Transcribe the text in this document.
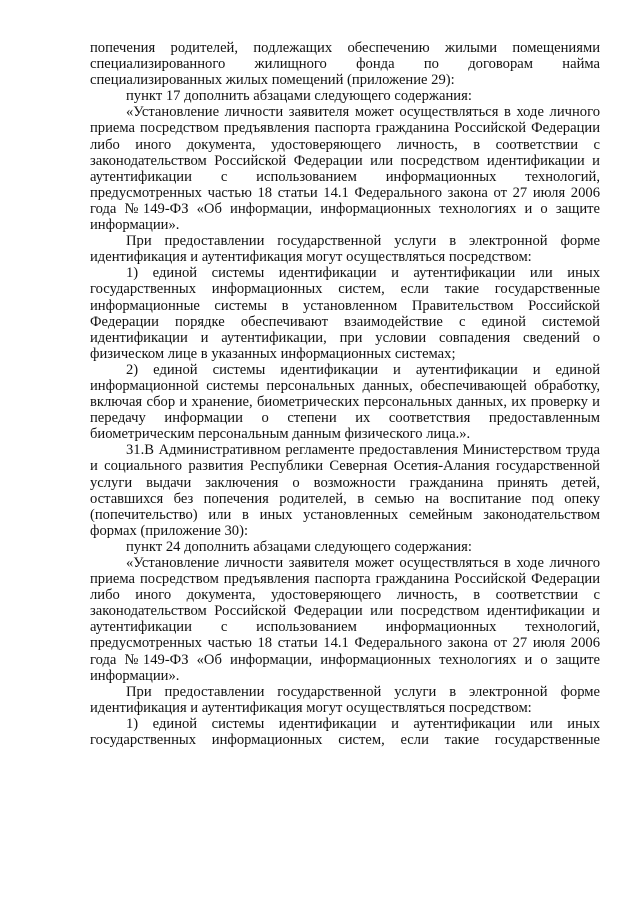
попечения родителей, подлежащих обеспечению жилыми помещениями специализированного жилищного фонда по договорам найма специализированных жилых помещений (приложение 29):

пункт 17 дополнить абзацами следующего содержания:

«Установление личности заявителя может осуществляться в ходе личного приема посредством предъявления паспорта гражданина Российской Федерации либо иного документа, удостоверяющего личность, в соответствии с законодательством Российской Федерации или посредством идентификации и аутентификации с использованием информационных технологий, предусмотренных частью 18 статьи 14.1 Федерального закона от 27 июля 2006 года №149-ФЗ «Об информации, информационных технологиях и о защите информации».

При предоставлении государственной услуги в электронной форме идентификация и аутентификация могут осуществляться посредством:

1) единой системы идентификации и аутентификации или иных государственных информационных систем, если такие государственные информационные системы в установленном Правительством Российской Федерации порядке обеспечивают взаимодействие с единой системой идентификации и аутентификации, при условии совпадения сведений о физическом лице в указанных информационных системах;

2) единой системы идентификации и аутентификации и единой информационной системы персональных данных, обеспечивающей обработку, включая сбор и хранение, биометрических персональных данных, их проверку и передачу информации о степени их соответствия предоставленным биометрическим персональным данным физического лица.».

31.В Административном регламенте предоставления Министерством труда и социального развития Республики Северная Осетия-Алания государственной услуги выдачи заключения о возможности гражданина принять детей, оставшихся без попечения родителей, в семью на воспитание под опеку (попечительство) или в иных установленных семейным законодательством формах (приложение 30):

пункт 24 дополнить абзацами следующего содержания:

«Установление личности заявителя может осуществляться в ходе личного приема посредством предъявления паспорта гражданина Российской Федерации либо иного документа, удостоверяющего личность, в соответствии с законодательством Российской Федерации или посредством идентификации и аутентификации с использованием информационных технологий, предусмотренных частью 18 статьи 14.1 Федерального закона от 27 июля 2006 года №149-ФЗ «Об информации, информационных технологиях и о защите информации».

При предоставлении государственной услуги в электронной форме идентификация и аутентификация могут осуществляться посредством:

1) единой системы идентификации и аутентификации или иных государственных информационных систем, если такие государственные
